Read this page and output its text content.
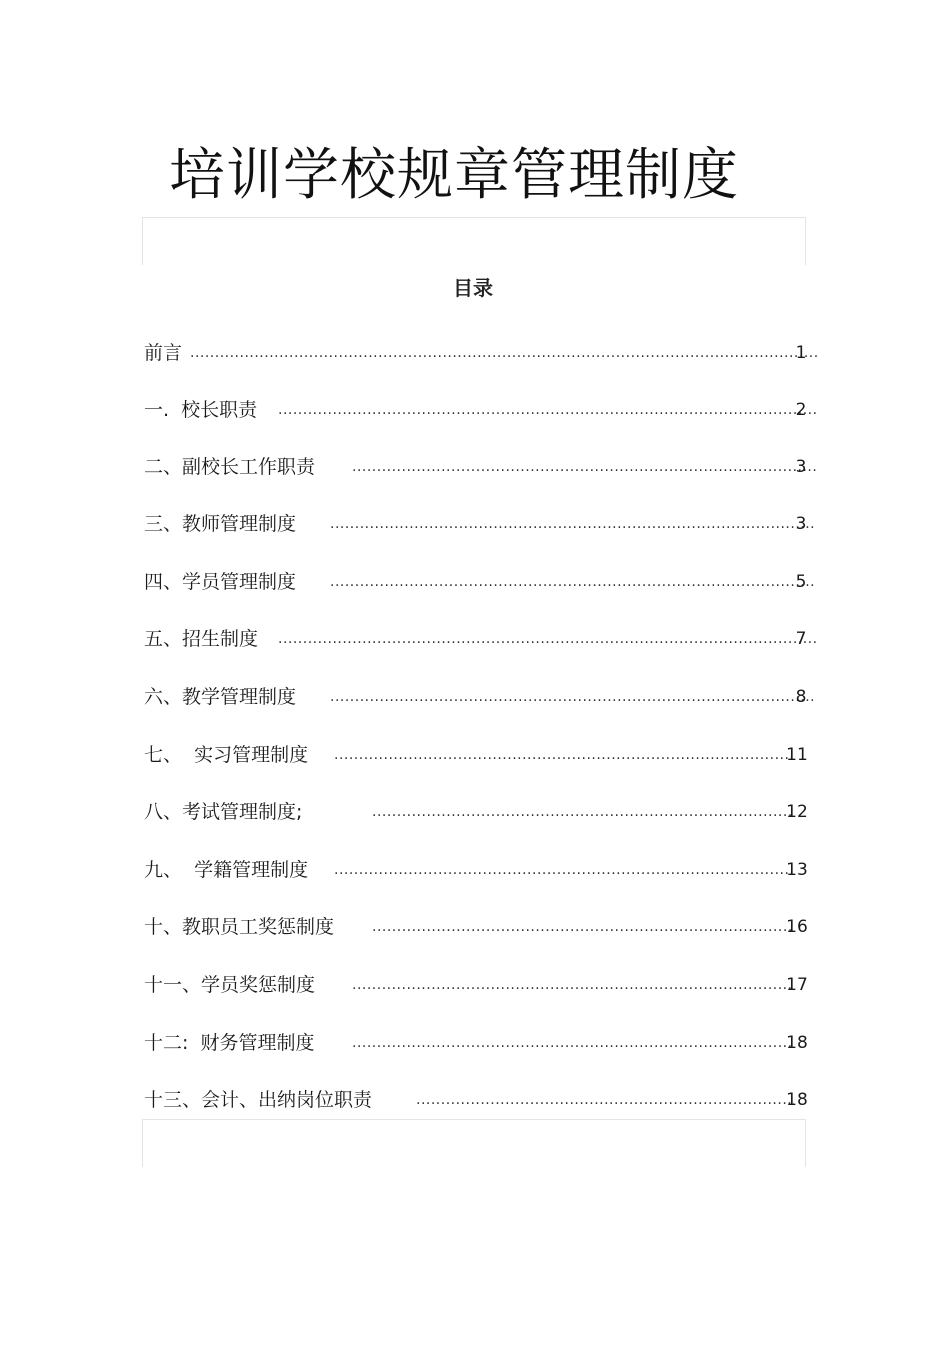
培训学校规章管理制度
目录
前言 .....	1
一.  校长职责 .....	2
二、副校长工作职责 .....	3
三、教师管理制度 .....	3
四、学员管理制度 .....	5
五、招生制度 .....	7
六、教学管理制度 .....	8
七、  实习管理制度 .....	11
八、考试管理制度; .....	12
九、  学籍管理制度 .....	13
十、教职员工奖惩制度 .....	16
十一、学员奖惩制度 .....	17
十二:  财务管理制度 .....	18
十三、会计、出纳岗位职责 .....	18
